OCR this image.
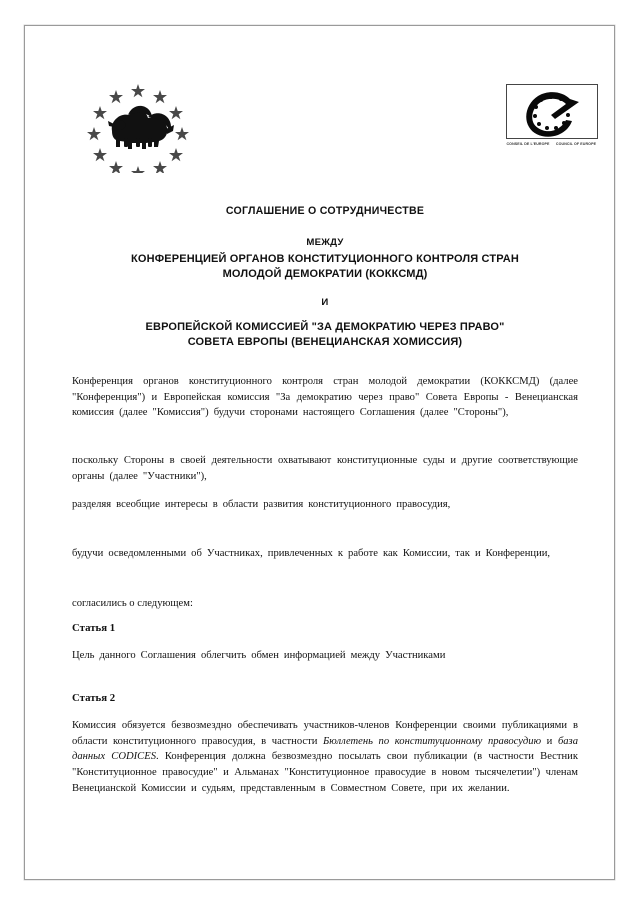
CONSEIL DE L'EUROPE	COUNCIL OF EUROPE
СОГЛАШЕНИЕ О СОТРУДНИЧЕСТВЕ
МЕЖДУ
КОНФЕРЕНЦИЕЙ ОРГАНОВ КОНСТИТУЦИОННОГО КОНТРОЛЯ СТРАН
МОЛОДОЙ ДЕМОКРАТИИ (КОККСМД)
И
ЕВРОПЕЙСКОЙ КОМИССИЕЙ "ЗА ДЕМОКРАТИЮ ЧЕРЕЗ ПРАВО"
СОВЕТА ЕВРОПЫ (ВЕНЕЦИАНСКАЯ ХОМИССИЯ)
Конференция органов конституционного контроля стран молодой демократии (КОККСМД) (далее "Конференция") и Европейская комиссия "За демократию через право" Совета Европы - Венецианская комиссия (далее "Комиссия") будучи сторонами настоящего Соглашения (далее "Стороны"),
поскольку Стороны в своей деятельности охватывают конституционные суды и другие соответствующие органы (далее "Участники"),
разделяя всеобщие интересы в области развития конституционного правосудия,
будучи осведомленными об Участниках, привлеченных к работе как Комиссии, так и Конференции,
согласились о следующем:
Статья 1
Цель данного Соглашения облегчить обмен информацией между Участниками
Статья 2
Комиссия обязуется безвозмездно обеспечивать участников-членов Конференции своими публикациями в области конституционного правосудия, в частности Бюллетень по конституционному правосудию и база данных CODICES. Конференция должна безвозмездно посылать свои публикации (в частности Вестник "Конституционное правосудие" и Альманах "Конституционное правосудие в новом тысячелетии") членам Венецианской Комиссии и судьям, представленным в Совместном Совете, при их желании.
